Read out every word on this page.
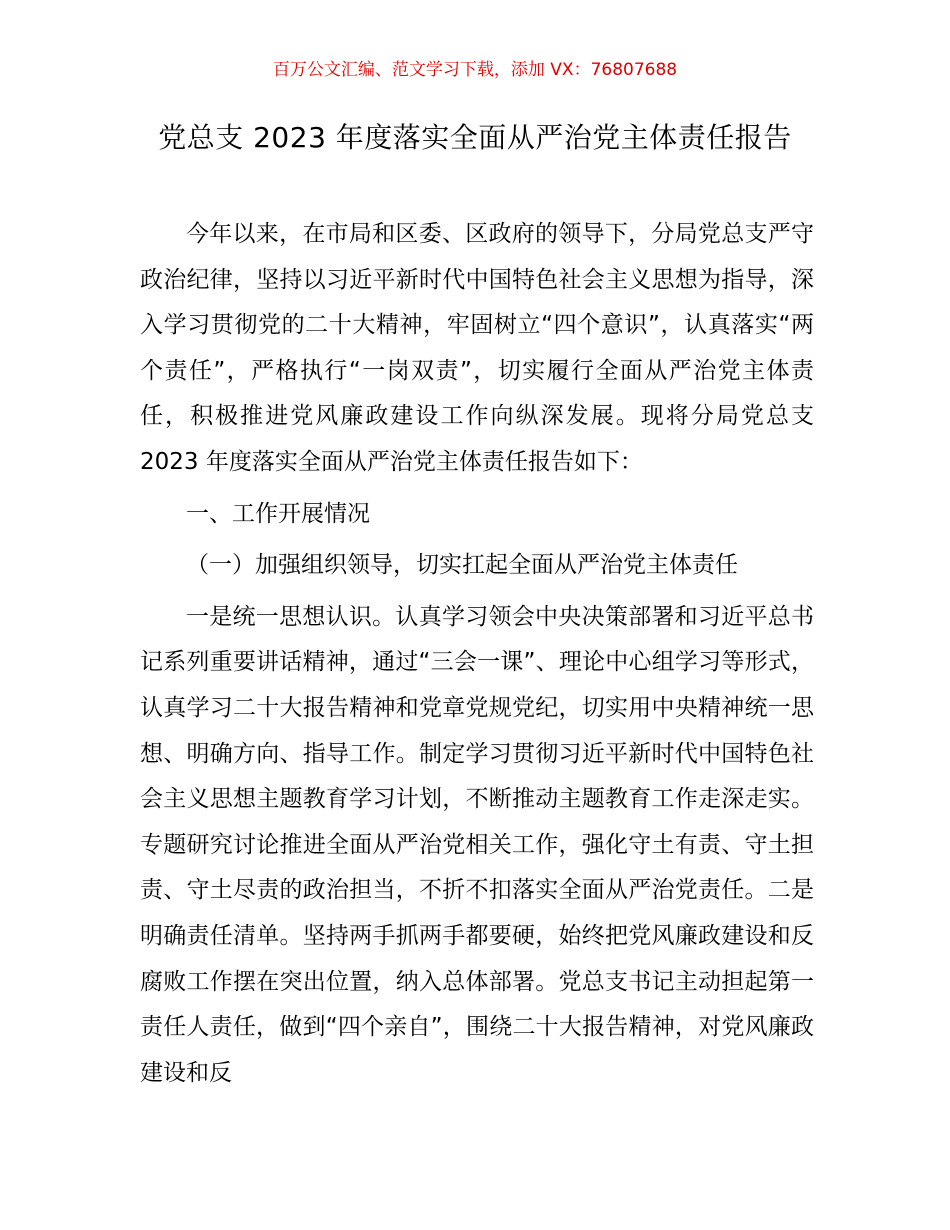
百万公文汇编、范文学习下载，添加 VX：76807688
党总支 2023 年度落实全面从严治党主体责任报告

今年以来，在市局和区委、区政府的领导下，分局党总支严守政治纪律，坚持以习近平新时代中国特色社会主义思想为指导，深入学习贯彻党的二十大精神，牢固树立“四个意识”，认真落实“两个责任”，严格执行“一岗双责”，切实履行全面从严治党主体责任，积极推进党风廉政建设工作向纵深发展。现将分局党总支 2023 年度落实全面从严治党主体责任报告如下：

一、工作开展情况

（一）加强组织领导，切实扛起全面从严治党主体责任

一是统一思想认识。认真学习领会中央决策部署和习近平总书记系列重要讲话精神，通过“三会一课”、理论中心组学习等形式，认真学习二十大报告精神和党章党规党纪，切实用中央精神统一思想、明确方向、指导工作。制定学习贯彻习近平新时代中国特色社会主义思想主题教育学习计划，不断推动主题教育工作走深走实。专题研究讨论推进全面从严治党相关工作，强化守土有责、守土担责、守土尽责的政治担当，不折不扣落实全面从严治党责任。二是明确责任清单。坚持两手抓两手都要硬，始终把党风廉政建设和反腐败工作摆在突出位置，纳入总体部署。党总支书记主动担起第一责任人责任，做到“四个亲自”，围绕二十大报告精神，对党风廉政建设和反
